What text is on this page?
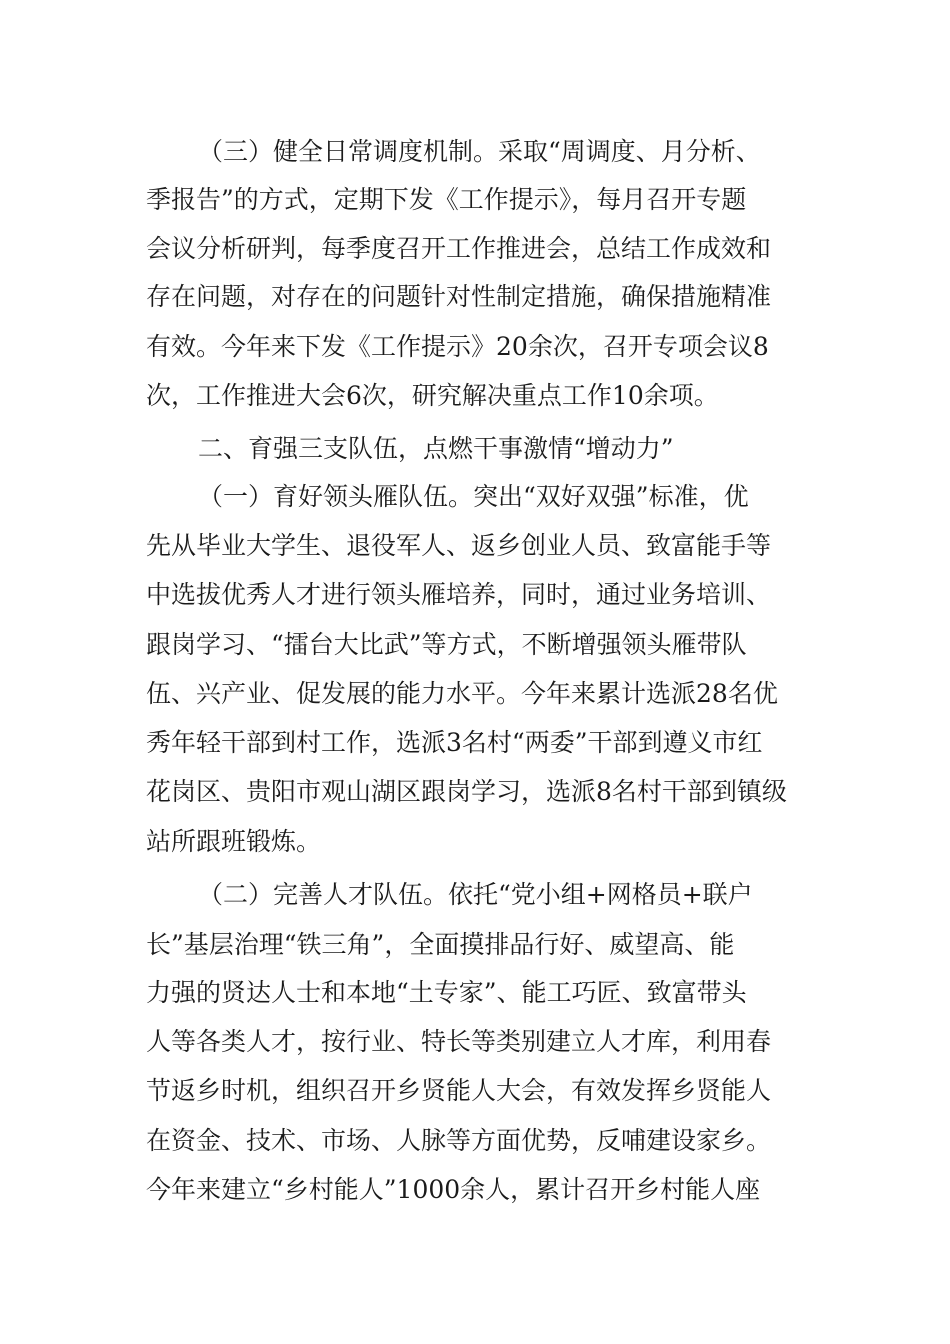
（三）健全日常调度机制。采取“周调度、月分析、
季报告”的方式，定期下发《工作提示》，每月召开专题
会议分析研判，每季度召开工作推进会，总结工作成效和
存在问题，对存在的问题针对性制定措施，确保措施精准
有效。今年来下发《工作提示》20余次，召开专项会议8
次，工作推进大会6次，研究解决重点工作10余项。
二、育强三支队伍，点燃干事激情“增动力”
（一）育好领头雁队伍。突出“双好双强”标准，优
先从毕业大学生、退役军人、返乡创业人员、致富能手等
中选拔优秀人才进行领头雁培养，同时，通过业务培训、
跟岗学习、“擂台大比武”等方式，不断增强领头雁带队
伍、兴产业、促发展的能力水平。今年来累计选派28名优
秀年轻干部到村工作，选派3名村“两委”干部到遵义市红
花岗区、贵阳市观山湖区跟岗学习，选派8名村干部到镇级
站所跟班锻炼。
（二）完善人才队伍。依托“党小组+网格员+联户
长”基层治理“铁三角”，全面摸排品行好、威望高、能
力强的贤达人士和本地“土专家”、能工巧匠、致富带头
人等各类人才，按行业、特长等类别建立人才库，利用春
节返乡时机，组织召开乡贤能人大会，有效发挥乡贤能人
在资金、技术、市场、人脉等方面优势，反哺建设家乡。
今年来建立“乡村能人”1000余人，累计召开乡村能人座
